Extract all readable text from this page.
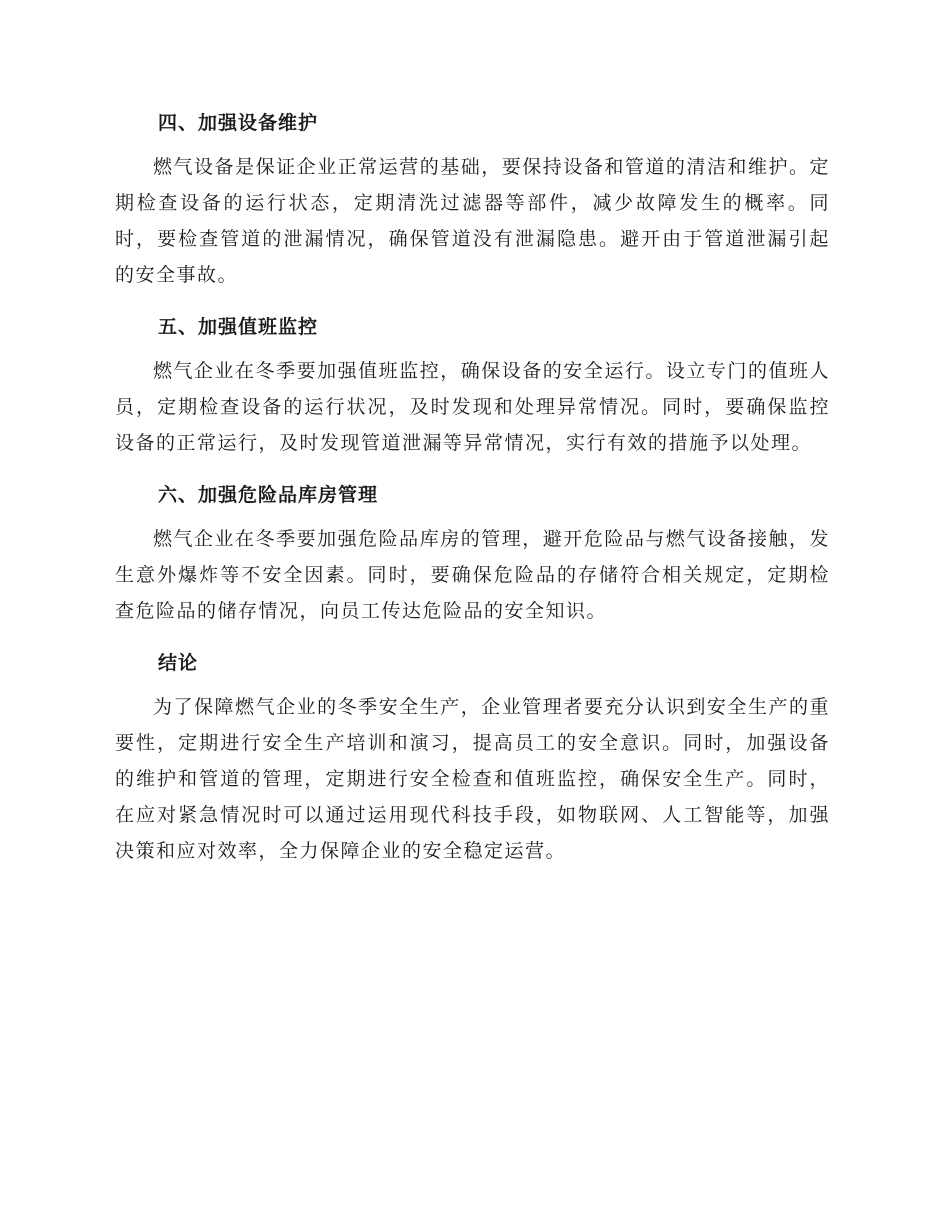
四、加强设备维护

燃气设备是保证企业正常运营的基础，要保持设备和管道的清洁和维护。定期检查设备的运行状态，定期清洗过滤器等部件，减少故障发生的概率。同时，要检查管道的泄漏情况，确保管道没有泄漏隐患。避开由于管道泄漏引起的安全事故。

五、加强值班监控

燃气企业在冬季要加强值班监控，确保设备的安全运行。设立专门的值班人员，定期检查设备的运行状况，及时发现和处理异常情况。同时，要确保监控设备的正常运行，及时发现管道泄漏等异常情况，实行有效的措施予以处理。

六、加强危险品库房管理

燃气企业在冬季要加强危险品库房的管理，避开危险品与燃气设备接触，发生意外爆炸等不安全因素。同时，要确保危险品的存储符合相关规定，定期检查危险品的储存情况，向员工传达危险品的安全知识。

结论

为了保障燃气企业的冬季安全生产，企业管理者要充分认识到安全生产的重要性，定期进行安全生产培训和演习，提高员工的安全意识。同时，加强设备的维护和管道的管理，定期进行安全检查和值班监控，确保安全生产。同时，在应对紧急情况时可以通过运用现代科技手段，如物联网、人工智能等，加强决策和应对效率，全力保障企业的安全稳定运营。
